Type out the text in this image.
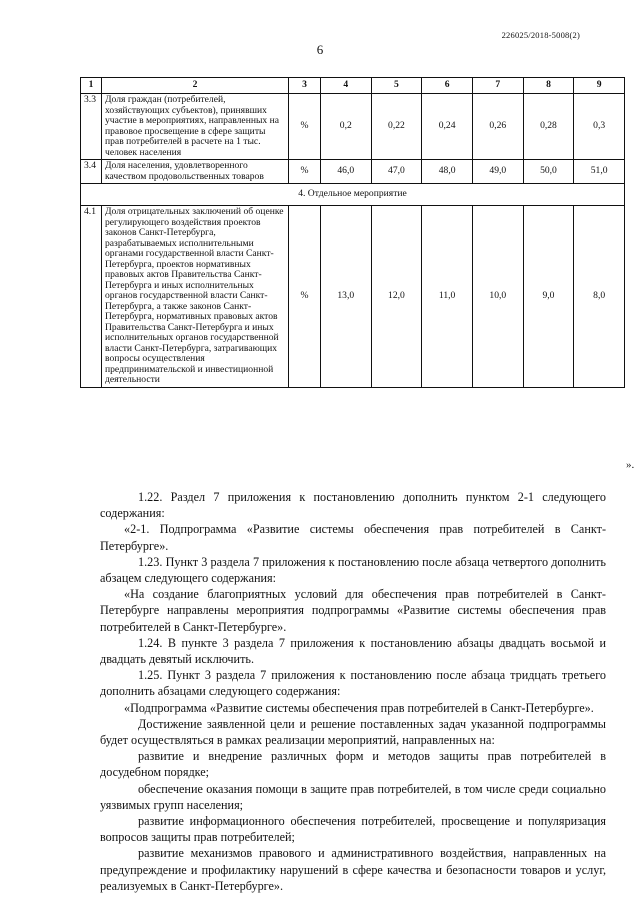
226025/2018-5008(2)
6
1	2	3	4	5	6	7	8	9
3.3	Доля граждан (потребителей, хозяйствующих субъектов), принявших участие в мероприятиях, направленных на правовое просвещение в сфере защиты прав потребителей в расчете на 1 тыс. человек населения	%	0,2	0,22	0,24	0,26	0,28	0,3
3.4	Доля населения, удовлетворенного качеством продовольственных товаров	%	46,0	47,0	48,0	49,0	50,0	51,0
4. Отдельное мероприятие								
4.1	Доля отрицательных заключений об оценке регулирующего воздействия проектов законов Санкт-Петербурга, разрабатываемых исполнительными органами государственной власти Санкт-Петербурга, проектов нормативных правовых актов Правительства Санкт-Петербурга и иных исполнительных органов государственной власти Санкт-Петербурга, а также законов Санкт-Петербурга, нормативных правовых актов Правительства Санкт-Петербурга и иных исполнительных органов государственной власти Санкт-Петербурга, затрагивающих вопросы осуществления предпринимательской и инвестиционной деятельности	%	13,0	12,0	11,0	10,0	9,0	8,0
».

1.22. Раздел 7 приложения к постановлению дополнить пунктом 2-1 следующего содержания:

«2-1. Подпрограмма «Развитие системы обеспечения прав потребителей в Санкт-Петербурге».

1.23. Пункт 3 раздела 7 приложения к постановлению после абзаца четвертого дополнить абзацем следующего содержания:

«На создание благоприятных условий для обеспечения прав потребителей в Санкт-Петербурге направлены мероприятия подпрограммы «Развитие системы обеспечения прав потребителей в Санкт-Петербурге».

1.24. В пункте 3 раздела 7 приложения к постановлению абзацы двадцать восьмой и двадцать девятый исключить.

1.25. Пункт 3 раздела 7 приложения к постановлению после абзаца тридцать третьего дополнить абзацами следующего содержания:

«Подпрограмма «Развитие системы обеспечения прав потребителей в Санкт-Петербурге».

Достижение заявленной цели и решение поставленных задач указанной подпрограммы будет осуществляться в рамках реализации мероприятий, направленных на:

развитие и внедрение различных форм и методов защиты прав потребителей в досудебном порядке;

обеспечение оказания помощи в защите прав потребителей, в том числе среди социально уязвимых групп населения;

развитие информационного обеспечения потребителей, просвещение и популяризация вопросов защиты прав потребителей;

развитие механизмов правового и административного воздействия, направленных на предупреждение и профилактику нарушений в сфере качества и безопасности товаров и услуг, реализуемых в Санкт-Петербурге».
